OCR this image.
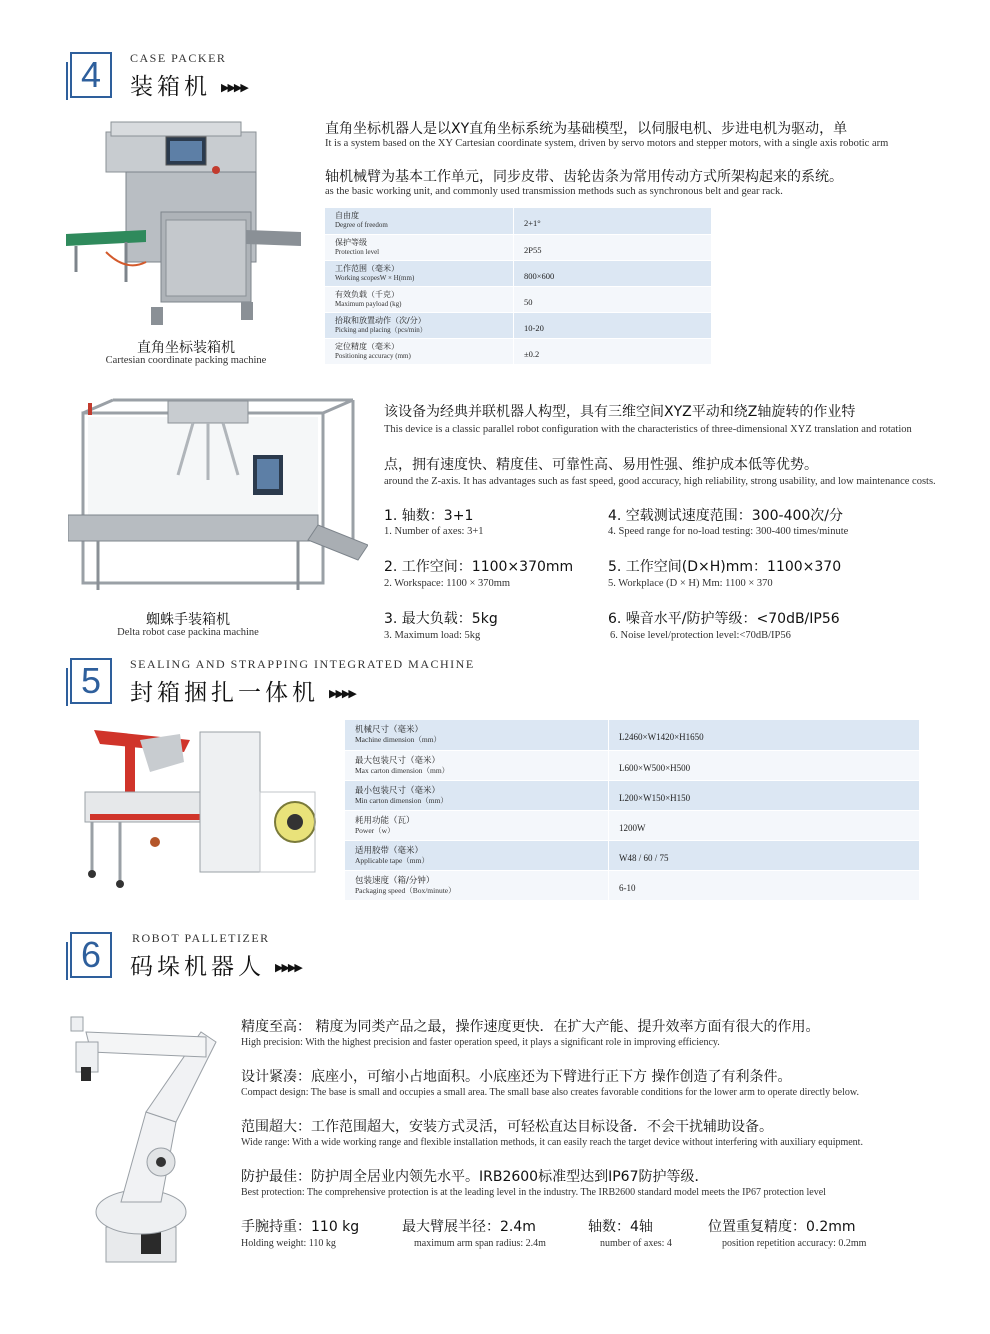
4	CASE PACKER
装箱机 ▶▶▶▶
直角坐标装箱机
Cartesian coordinate packing machine
直角坐标机器人是以XY直角坐标系统为基础模型，以伺服电机、步进电机为驱动，单
It is a system based on the XY Cartesian coordinate system, driven by servo motors and stepper motors, with a single axis robotic arm
轴机械臂为基本工作单元，同步皮带、齿轮齿条为常用传动方式所架构起来的系统。
as the basic working unit, and commonly used transmission methods such as synchronous belt and gear rack.
自由度
Degree of freedom	2+1°

保护等级
Protection level	2P55

工作范围（毫米）
Working scopesW × H(mm)	800×600

有效负载（千克）
Maximum payload (kg)	50

拾取和放置动作（次/分）
Picking and placing（pcs/min）	10-20

定位精度（毫米）
Positioning accuracy (mm)	±0.2
蜘蛛手装箱机
Delta robot case packina machine
该设备为经典并联机器人构型，具有三维空间XYZ平动和绕Z轴旋转的作业特
This device is a classic parallel robot configuration with the characteristics of three-dimensional XYZ translation and rotation
点，拥有速度快、精度佳、可靠性高、易用性强、维护成本低等优势。
around the Z-axis. It has advantages such as fast speed, good accuracy, high reliability, strong usability, and low maintenance costs.
1. 轴数：3+1
1. Number of axes: 3+1
4. 空载测试速度范围：300-400次/分
4. Speed range for no-load testing: 300-400 times/minute
2. 工作空间：1100×370mm
2. Workspace: 1100 × 370mm
5. 工作空间(D×H)mm：1100×370
5. Workplace (D × H) Mm: 1100 × 370
3. 最大负载：5kg
3. Maximum load: 5kg
6. 噪音水平/防护等级：<70dB/IP56
6. Noise level/protection level:<70dB/IP56
5	SEALING AND STRAPPING INTEGRATED MACHINE
封箱捆扎一体机 ▶▶▶▶
机械尺寸（毫米）
Machine dimension（mm）	L2460×W1420×H1650

最大包装尺寸（毫米）
Max carton dimension（mm）	L600×W500×H500

最小包装尺寸（毫米）
Min carton dimension（mm）	L200×W150×H150

耗用功能（瓦）
Power（w）	1200W

适用胶带（毫米）
Applicable tape（mm）	W48 / 60 / 75

包装速度（箱/分钟）
Packaging speed（Box/minute）	6-10
6	ROBOT PALLETIZER
码垛机器人 ▶▶▶▶
精度至高： 精度为同类产品之最，操作速度更快．在扩大产能、提升效率方面有很大的作用。
High precision: With the highest precision and faster operation speed, it plays a significant role in improving efficiency.
设计紧凑：底座小，可缩小占地面积。小底座还为下臂进行正下方 操作创造了有利条件。
Compact design: The base is small and occupies a small area. The small base also creates favorable conditions for the lower arm to operate directly below.
范围超大：工作范围超大，安装方式灵活，可轻松直达目标设备．不会干扰辅助设备。
Wide range: With a wide working range and flexible installation methods, it can easily reach the target device without interfering with auxiliary equipment.
防护最佳：防护周全居业内领先水平。IRB2600标准型达到IP67防护等级．
Best protection: The comprehensive protection is at the leading level in the industry. The IRB2600 standard model meets the IP67 protection level
手腕持重：110 kg
Holding weight: 110 kg
最大臂展半径：2.4m
maximum arm span radius: 2.4m
轴数：4轴
number of axes: 4
位置重复精度：0.2mm
position repetition accuracy: 0.2mm
